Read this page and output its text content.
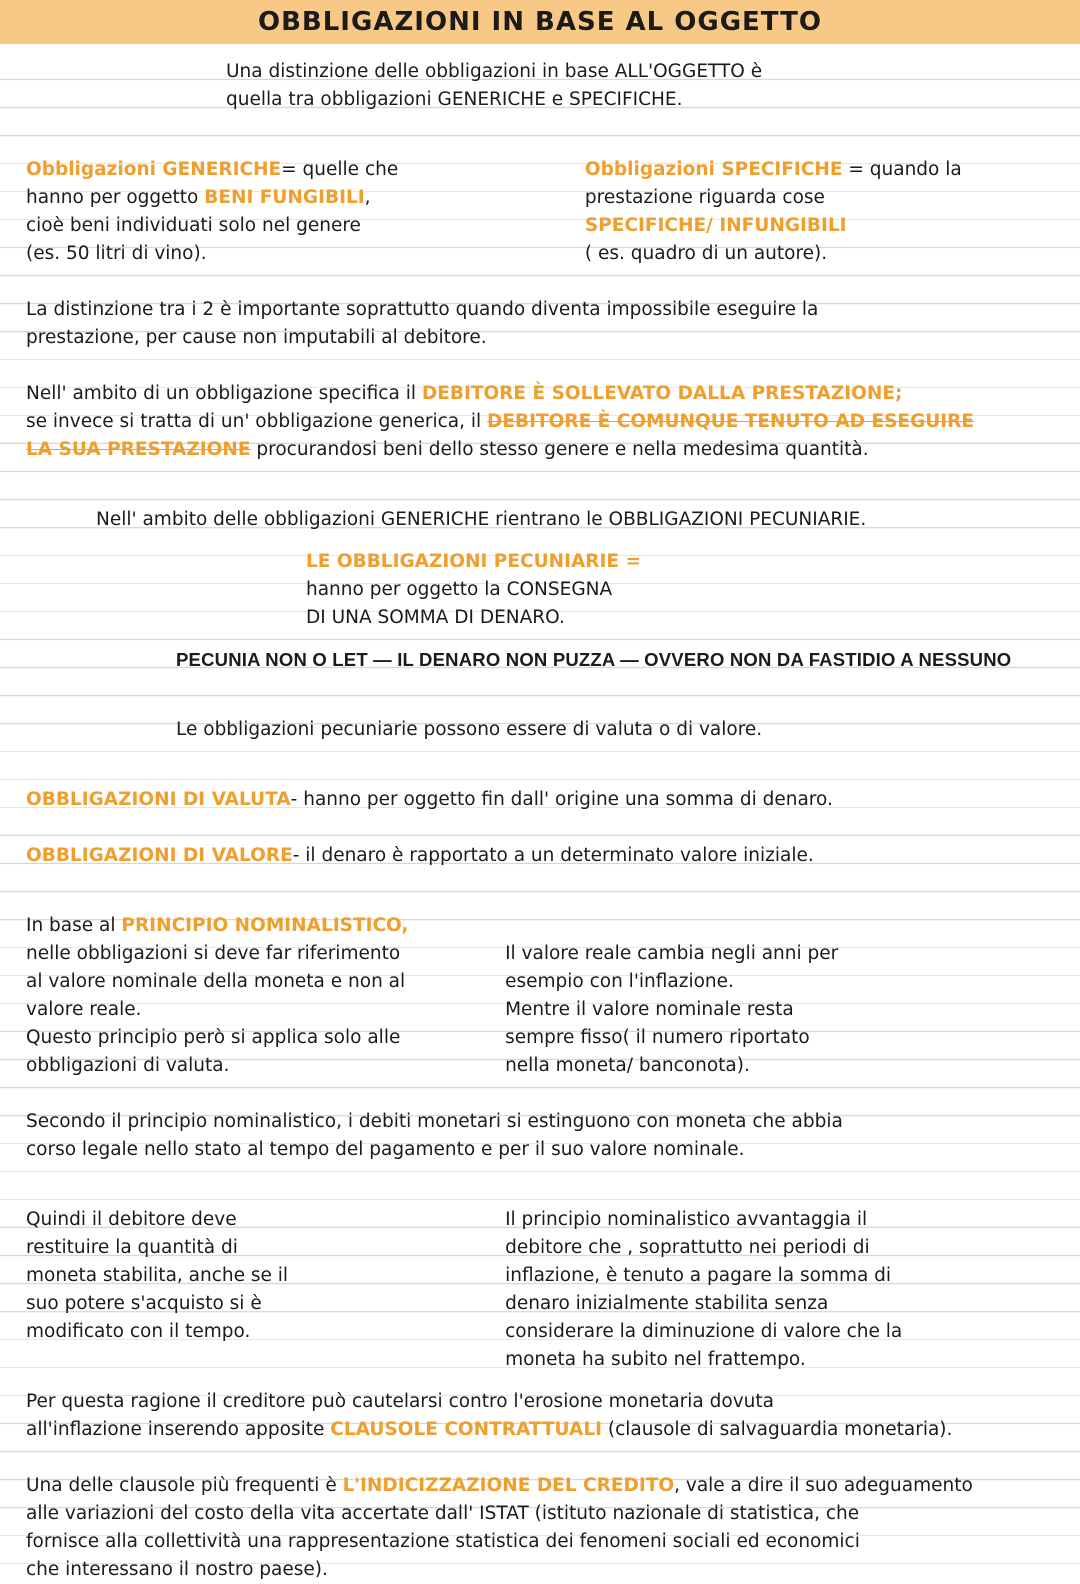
OBBLIGAZIONI IN BASE AL OGGETTO
Una distinzione delle obbligazioni in base ALL'OGGETTO è
quella tra obbligazioni GENERICHE e SPECIFICHE.
Obbligazioni GENERICHE= quelle che
hanno per oggetto BENI FUNGIBILI,
cioè beni individuati solo nel genere
(es. 50 litri di vino).
Obbligazioni SPECIFICHE = quando la
prestazione riguarda cose
SPECIFICHE/ INFUNGIBILI
( es. quadro di un autore).
La distinzione tra i 2 è importante soprattutto quando diventa impossibile eseguire la
prestazione, per cause non imputabili al debitore.
Nell' ambito di un obbligazione specifica il DEBITORE È SOLLEVATO DALLA PRESTAZIONE;
se invece si tratta di un' obbligazione generica, il DEBITORE È COMUNQUE TENUTO AD ESEGUIRE
LA SUA PRESTAZIONE procurandosi beni dello stesso genere e nella medesima quantità.
Nell' ambito delle obbligazioni GENERICHE rientrano le OBBLIGAZIONI PECUNIARIE.
LE OBBLIGAZIONI PECUNIARIE =
hanno per oggetto la CONSEGNA
DI UNA SOMMA DI DENARO.
PECUNIA NON O LET — IL DENARO NON PUZZA — OVVERO NON DA FASTIDIO A NESSUNO
Le obbligazioni pecuniarie possono essere di valuta o di valore.
OBBLIGAZIONI DI VALUTA- hanno per oggetto fin dall' origine una somma di denaro.
OBBLIGAZIONI DI VALORE- il denaro è rapportato a un determinato valore iniziale.
In base al PRINCIPIO NOMINALISTICO,
nelle obbligazioni si deve far riferimento
al valore nominale della moneta e non al
valore reale.
Questo principio però si applica solo alle
obbligazioni di valuta.
Il valore reale cambia negli anni per
esempio con l'inflazione.
Mentre il valore nominale resta
sempre fisso( il numero riportato
nella moneta/ banconota).
Secondo il principio nominalistico, i debiti monetari si estinguono con moneta che abbia
corso legale nello stato al tempo del pagamento e per il suo valore nominale.
Quindi il debitore deve
restituire la quantità di
moneta stabilita, anche se il
suo potere s'acquisto si è
modificato con il tempo.
Il principio nominalistico avvantaggia il
debitore che , soprattutto nei periodi di
inflazione, è tenuto a pagare la somma di
denaro inizialmente stabilita senza
considerare la diminuzione di valore che la
moneta ha subito nel frattempo.
Per questa ragione il creditore può cautelarsi contro l'erosione monetaria dovuta
all'inflazione inserendo apposite CLAUSOLE CONTRATTUALI (clausole di salvaguardia monetaria).
Una delle clausole più frequenti è L'INDICIZZAZIONE DEL CREDITO, vale a dire il suo adeguamento
alle variazioni del costo della vita accertate dall' ISTAT (istituto nazionale di statistica, che
fornisce alla collettività una rappresentazione statistica dei fenomeni sociali ed economici
che interessano il nostro paese).
